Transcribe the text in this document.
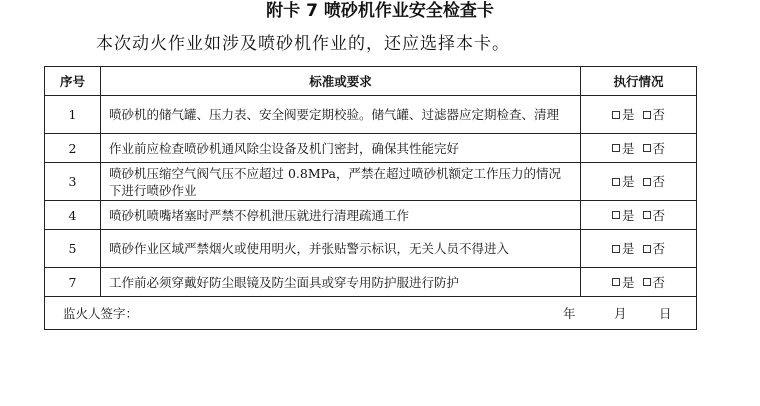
附卡 7 喷砂机作业安全检查卡
本次动火作业如涉及喷砂机作业的，还应选择本卡。
序号	标准或要求	执行情况
1	喷砂机的储气罐、压力表、安全阀要定期校验。储气罐、过滤器应定期检查、清理	是 否
2	作业前应检查喷砂机通风除尘设备及机门密封，确保其性能完好	是 否
3	喷砂机压缩空气阀气压不应超过 0.8MPa，严禁在超过喷砂机额定工作压力的情况下进行喷砂作业	是 否
4	喷砂机喷嘴堵塞时严禁不停机泄压就进行清理疏通工作	是 否
5	喷砂作业区域严禁烟火或使用明火，并张贴警示标识，无关人员不得进入	是 否
7	工作前必须穿戴好防尘眼镜及防尘面具或穿专用防护服进行防护	是 否

监火人签字： 年 月 日		
